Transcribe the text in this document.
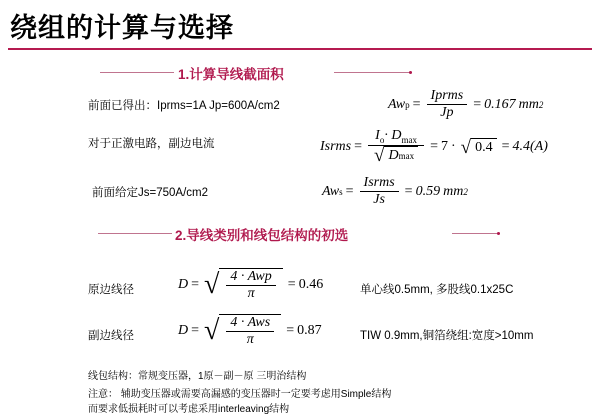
绕组的计算与选择
1.计算导线截面积
前面已得出：Iprms=1A Jp=600A/cm2
对于正激电路，副边电流
前面给定Js=750A/cm2
Aw $p = \frac{\text{Iprms}}{Jp} = 0.167$ mm 2
Isrms = $\frac{I_o\cdot D_{max}}{\text{√ D max}} = 7$ · √ 0.4 = 4.4(A)
Aw $s = \frac{\text{Isrms}}{Js} = 0.59$ mm 2
2.导线类别和线包结构的初选
原边线径	D = √ $\frac{\text{4 · Awp}}{\pi} = 0.46$	单心线0.5mm, 多股线0.1x25C
副边线径	D = √ $\frac{\text{4 · Aws}}{\pi} = 0.87$	TIW 0.9mm,铜箔绕组:宽度>10mm
线包结构：常规变压器，1原－副－原 三明治结构
注意： 辅助变压器或需要高漏感的变压器时一定要考虑用Simple结构
而要求低损耗时可以考虑采用interleaving结构
